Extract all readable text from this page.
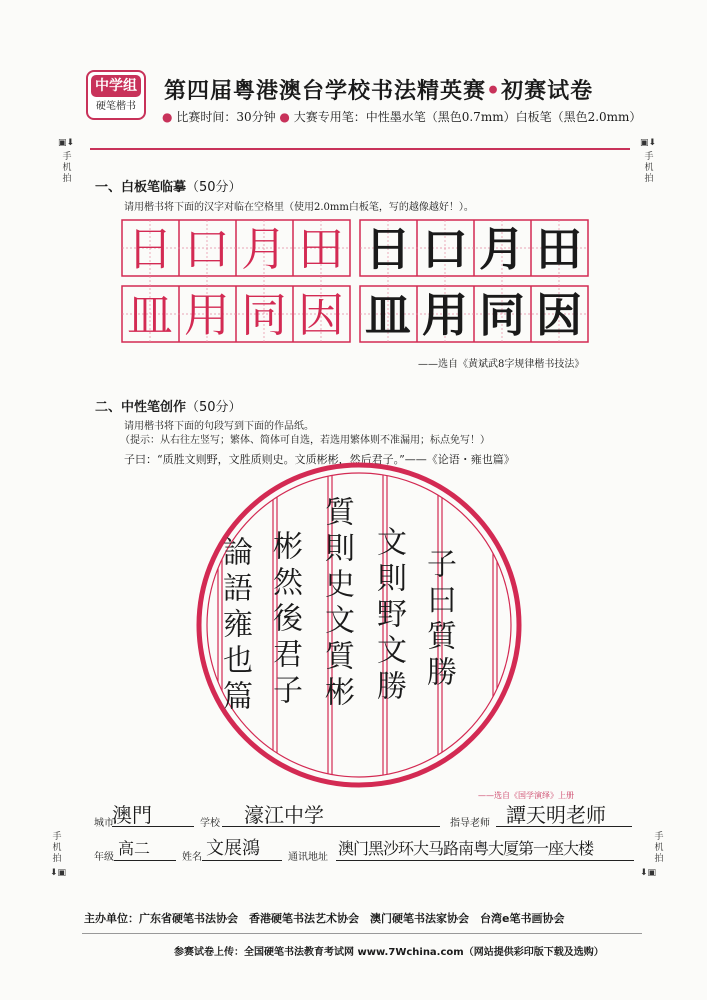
中学组
硬笔楷书
第四届粤港澳台学校书法精英赛•初赛试卷
● 比赛时间：30分钟 ● 大赛专用笔：中性墨水笔（黑色0.7mm）白板笔（黑色2.0mm）
▣⬇
手机拍
▣⬇
手机拍
手机拍
⬇▣
手机拍
⬇▣
一、白板笔临摹（50分）
请用楷书将下面的汉字对临在空格里（使用2.0mm白板笔，写的越像越好！）。
日 口 月 田
皿 用 同 因
日 口 月 田
皿 用 同 因
——选自《黄斌武8字规律楷书技法》
二、中性笔创作（50分）
请用楷书将下面的句段写到下面的作品纸。
（提示：从右往左竖写；繁体、简体可自选，若选用繁体则不准漏用；标点免写！）
子曰：“质胜文则野，文胜质则史。文质彬彬，然后君子。”——《论语・雍也篇》
子曰質勝
文則野文勝
質則史文質彬
彬然後君子
論語雍也篇
——选自《国学演绎》上册
城市
澳門	学校 濠江中学	指导老师 譚天明老师
年级 高二	姓名 文展鴻	通讯地址 澳门黑沙环大马路南粤大厦第一座大楼
主办单位：广东省硬笔书法协会　香港硬笔书法艺术协会　澳门硬笔书法家协会　台湾e笔书画协会
参赛试卷上传：全国硬笔书法教育考试网 www.7Wchina.com（网站提供彩印版下载及选购）
